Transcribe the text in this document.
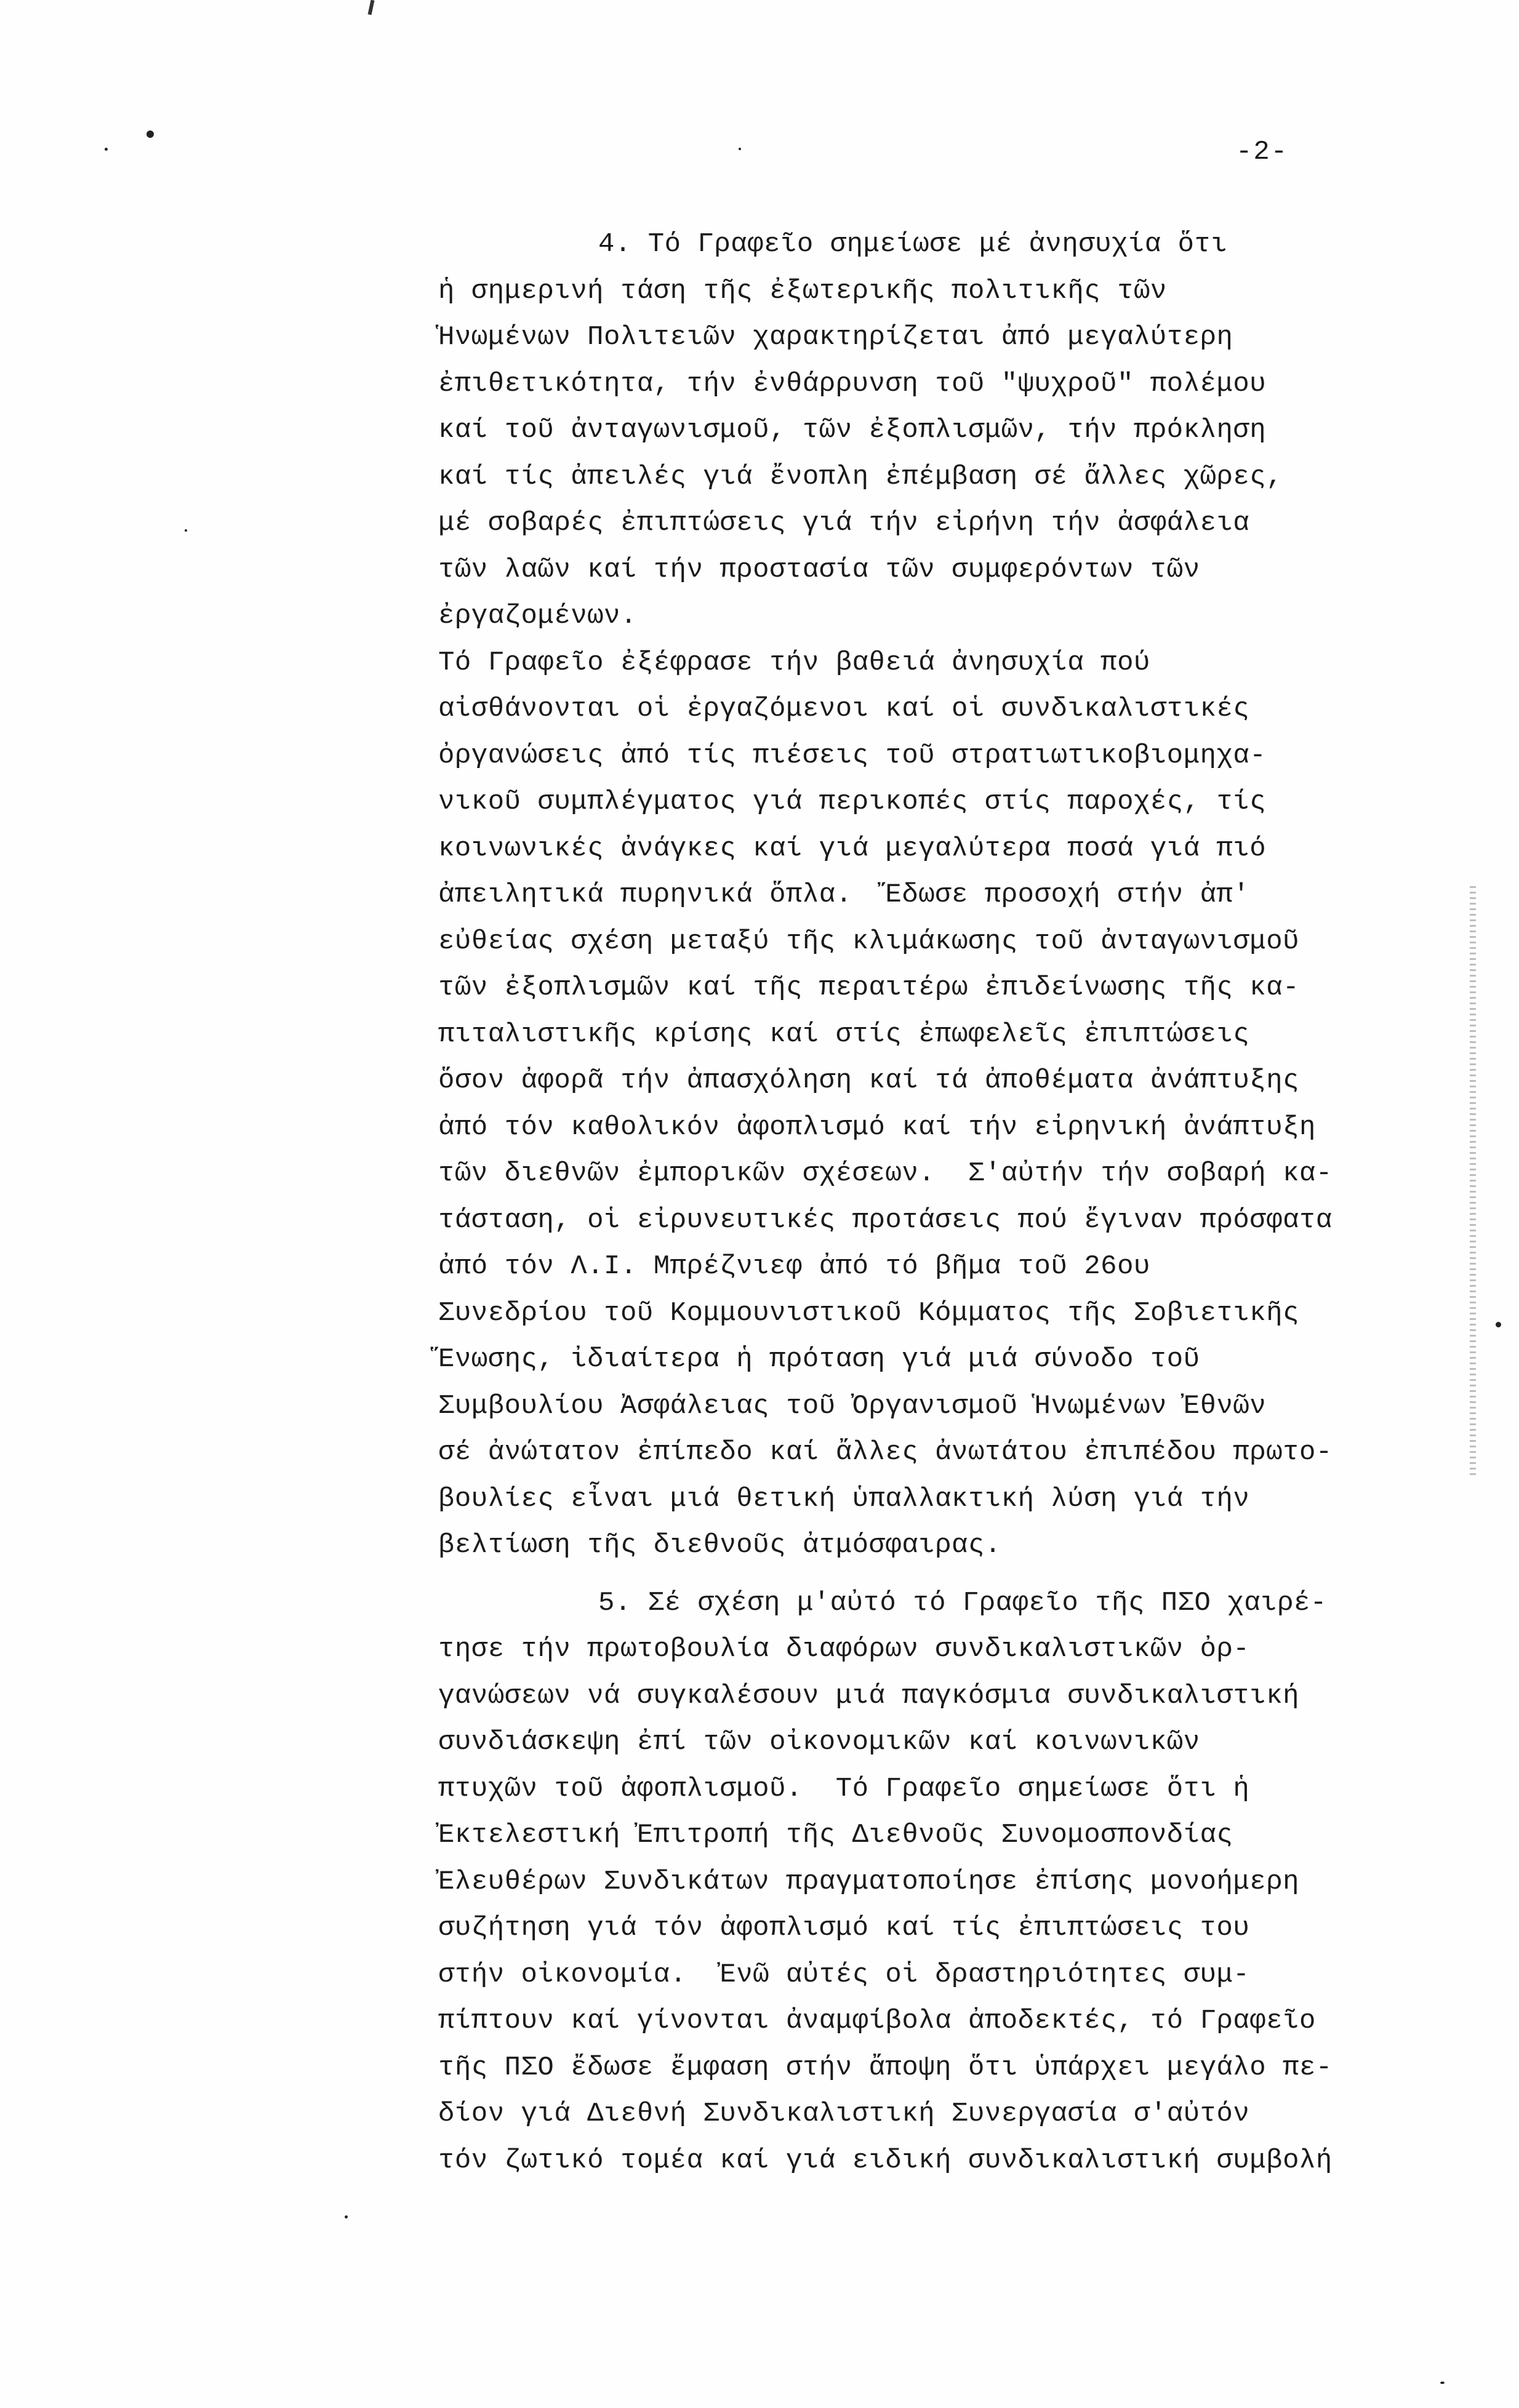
-2-
4. Τό Γραφεῖο σημείωσε μέ ἀνησυχία ὅτι
ἡ σημερινή τάση τῆς ἐξωτερικῆς πολιτικῆς τῶν
Ἡνωμένων Πολιτειῶν χαρακτηρίζεται ἀπό μεγαλύτερη
ἐπιθετικότητα, τήν ἐνθάρρυνση τοῦ "ψυχροῦ" πολέμου
καί τοῦ ἀνταγωνισμοῦ, τῶν ἐξοπλισμῶν, τήν πρόκληση
καί τίς ἀπειλές γιά ἔνοπλη ἐπέμβαση σέ ἄλλες χῶρες,
μέ σοβαρές ἐπιπτώσεις γιά τήν εἰρήνη τήν ἀσφάλεια
τῶν λαῶν καί τήν προστασία τῶν συμφερόντων τῶν
ἐργαζομένων.
Τό Γραφεῖο ἐξέφρασε τήν βαθειά ἀνησυχία πού
αἰσθάνονται οἱ ἐργαζόμενοι καί οἱ συνδικαλιστικές
ὀργανώσεις ἀπό τίς πιέσεις τοῦ στρατιωτικοβιομηχα-
νικοῦ συμπλέγματος γιά περικοπές στίς παροχές, τίς
κοινωνικές ἀνάγκες καί γιά μεγαλύτερα ποσά γιά πιό
ἀπειλητικά πυρηνικά ὅπλα.  Ἔδωσε προσοχή στήν ἀπ'
εὐθείας σχέση μεταξύ τῆς κλιμάκωσης τοῦ ἀνταγωνισμοῦ
τῶν ἐξοπλισμῶν καί τῆς περαιτέρω ἐπιδείνωσης τῆς κα-
πιταλιστικῆς κρίσης καί στίς ἐπωφελεῖς ἐπιπτώσεις
ὅσον ἀφορᾶ τήν ἀπασχόληση καί τά ἀποθέματα ἀνάπτυξης
ἀπό τόν καθολικόν ἀφοπλισμό καί τήν εἰρηνική ἀνάπτυξη
τῶν διεθνῶν ἐμπορικῶν σχέσεων.  Σ'αὐτήν τήν σοβαρή κα-
τάσταση, οἱ εἰρυνευτικές προτάσεις πού ἔγιναν πρόσφατα
ἀπό τόν Λ.Ι. Μπρέζνιεφ ἀπό τό βῆμα τοῦ 26ου
Συνεδρίου τοῦ Κομμουνιστικοῦ Κόμματος τῆς Σοβιετικῆς
Ἕνωσης, ἰδιαίτερα ἡ πρόταση γιά μιά σύνοδο τοῦ
Συμβουλίου Ἀσφάλειας τοῦ Ὀργανισμοῦ Ἡνωμένων Ἐθνῶν
σέ ἀνώτατον ἐπίπεδο καί ἄλλες ἀνωτάτου ἐπιπέδου πρωτο-
βουλίες εἶναι μιά θετική ὑπαλλακτική λύση γιά τήν
βελτίωση τῆς διεθνοῦς ἀτμόσφαιρας.
5. Σέ σχέση μ'αὐτό τό Γραφεῖο τῆς ΠΣΟ χαιρέ-
τησε τήν πρωτοβουλία διαφόρων συνδικαλιστικῶν ὀρ-
γανώσεων νά συγκαλέσουν μιά παγκόσμια συνδικαλιστική
συνδιάσκεψη ἐπί τῶν οἰκονομικῶν καί κοινωνικῶν
πτυχῶν τοῦ ἀφοπλισμοῦ.  Τό Γραφεῖο σημείωσε ὅτι ἡ
Ἐκτελεστική Ἐπιτροπή τῆς Διεθνοῦς Συνομοσπονδίας
Ἐλευθέρων Συνδικάτων πραγματοποίησε ἐπίσης μονοήμερη
συζήτηση γιά τόν ἀφοπλισμό καί τίς ἐπιπτώσεις του
στήν οἰκονομία.  Ἐνῶ αὐτές οἱ δραστηριότητες συμ-
πίπτουν καί γίνονται ἀναμφίβολα ἀποδεκτές, τό Γραφεῖο
τῆς ΠΣΟ ἔδωσε ἔμφαση στήν ἄποψη ὅτι ὑπάρχει μεγάλο πε-
δίον γιά Διεθνή Συνδικαλιστική Συνεργασία σ'αὐτόν
τόν ζωτικό τομέα καί γιά ειδική συνδικαλιστική συμβολή
